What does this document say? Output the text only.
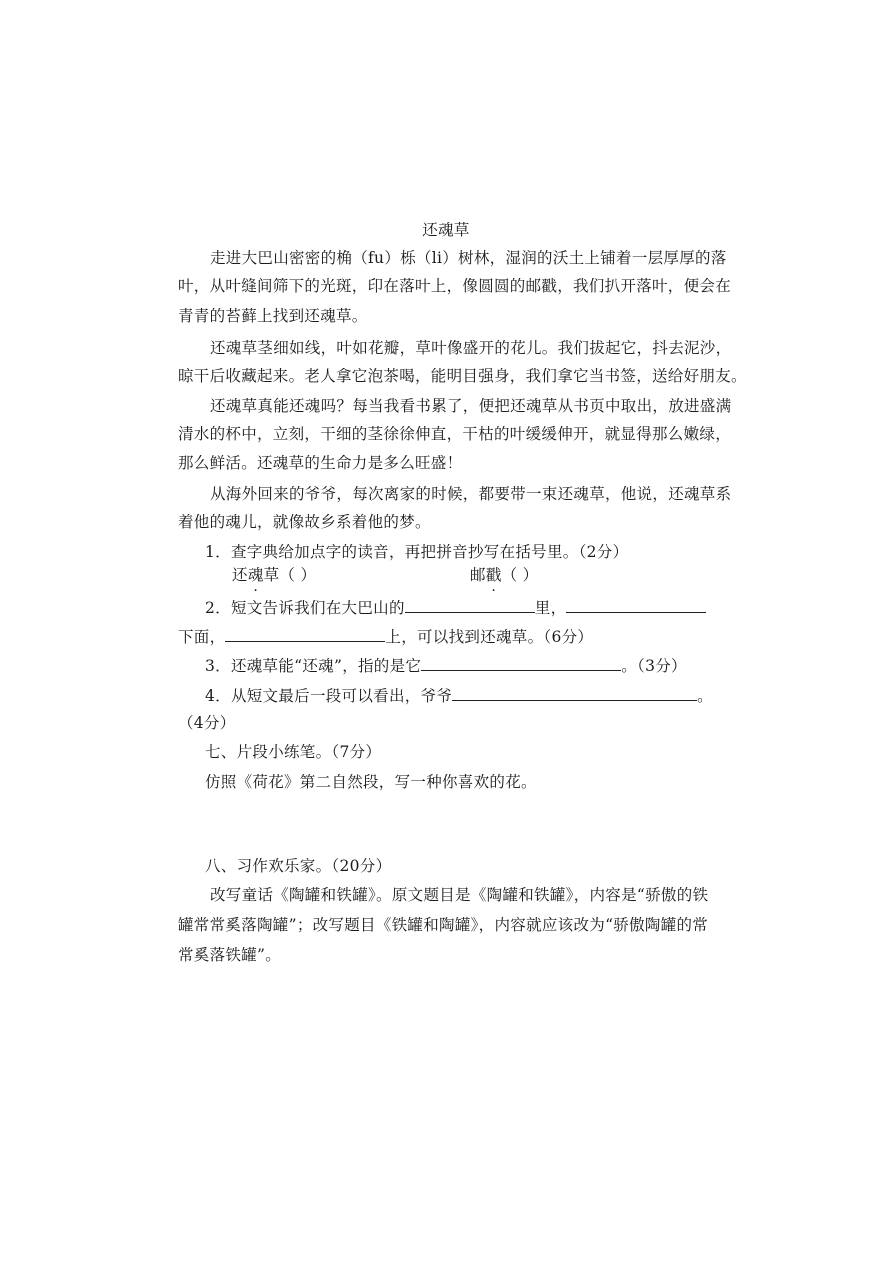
还魂草
走进大巴山密密的桷（fu）栎（li）树林，湿润的沃土上铺着一层厚厚的落
叶，从叶缝间筛下的光斑，印在落叶上，像圆圆的邮戳，我们扒开落叶，便会在
青青的苔藓上找到还魂草。
还魂草茎细如线，叶如花瓣，草叶像盛开的花儿。我们拔起它，抖去泥沙，
晾干后收藏起来。老人拿它泡茶喝，能明目强身，我们拿它当书签，送给好朋友。
还魂草真能还魂吗？每当我看书累了，便把还魂草从书页中取出，放进盛满
清水的杯中，立刻，干细的茎徐徐伸直，干枯的叶缓缓伸开，就显得那么嫩绿，
那么鲜活。还魂草的生命力是多么旺盛！
从海外回来的爷爷，每次离家的时候，都要带一束还魂草，他说，还魂草系
着他的魂儿，就像故乡系着他的梦。
1．查字典给加点字的读音，再把拼音抄写在括号里。（2分）
还魂草（ ）	邮戳（ ）
2．短文告诉我们在大巴山的	里，
下面，	上，可以找到还魂草。（6分）
3．还魂草能“还魂”，指的是它	。（3分）
4．从短文最后一段可以看出，爷爷	。
（4分）
七、片段小练笔。（7分）
仿照《荷花》第二自然段，写一种你喜欢的花。
八、习作欢乐家。（20分）
改写童话《陶罐和铁罐》。原文题目是《陶罐和铁罐》，内容是“骄傲的铁
罐常常奚落陶罐”；改写题目《铁罐和陶罐》，内容就应该改为“骄傲陶罐的常
常奚落铁罐”。
